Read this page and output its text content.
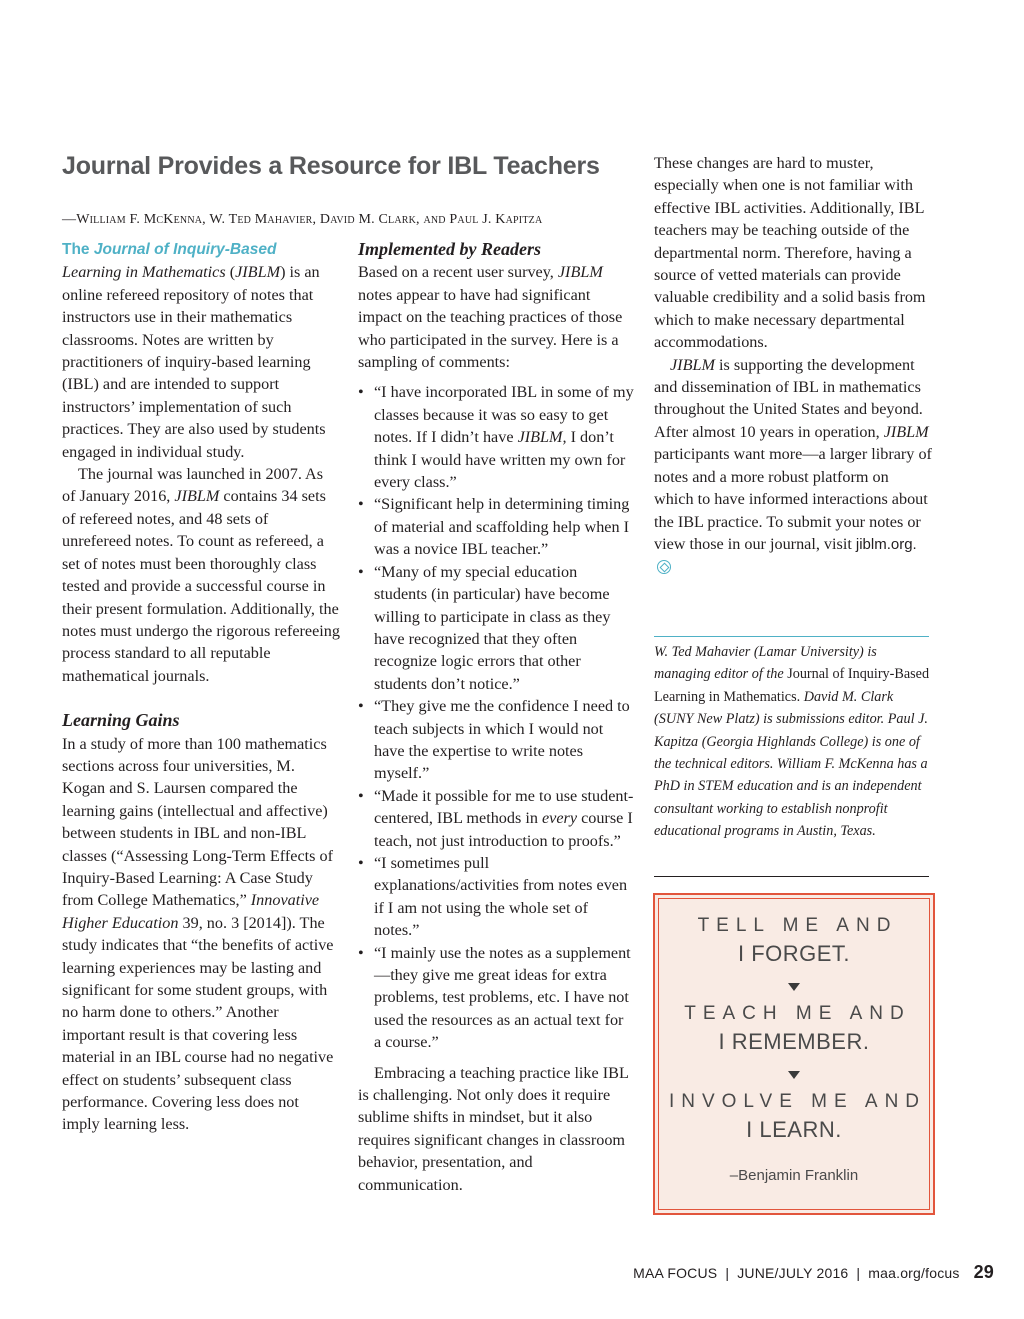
Journal Provides a Resource for IBL Teachers
—William F. McKenna, W. Ted Mahavier, David M. Clark, and Paul J. Kapitza

The Journal of Inquiry-Based
Learning in Mathematics (JIBLM) is an online refereed repository of notes that instructors use in their mathematics classrooms. Notes are written by practitioners of inquiry-based learning (IBL) and are intended to support instructors’ implementation of such practices. They are also used by students engaged in individual study.

The journal was launched in 2007. As of January 2016, JIBLM contains 34 sets of refereed notes, and 48 sets of unrefereed notes. To count as refereed, a set of notes must been thoroughly class tested and provide a successful course in their present formulation. Additionally, the notes must undergo the rigorous refereeing process standard to all reputable mathematical journals.

Learning Gains

In a study of more than 100 mathematics sections across four universities, M. Kogan and S. Laursen compared the learning gains (intellectual and affective) between students in IBL and non-IBL classes (“Assessing Long-Term Effects of Inquiry-Based Learning: A Case Study from College Mathematics,” Innovative Higher Education 39, no. 3 [2014]). The study indicates that “the benefits of active learning experiences may be lasting and significant for some student groups, with no harm done to others.” Another important result is that covering less material in an IBL course had no negative effect on students’ subsequent class performance. Covering less does not imply learning less.

Implemented by Readers

Based on a recent user survey, JIBLM notes appear to have had significant impact on the teaching practices of those who participated in the survey. Here is a sampling of comments:

• “I have incorporated IBL in some of my classes because it was so easy to get notes. If I didn’t have JIBLM, I don’t think I would have written my own for every class.”
• “Significant help in determining timing of material and scaffolding help when I was a novice IBL teacher.”
• “Many of my special education students (in particular) have become willing to participate in class as they have recognized that they often recognize logic errors that other students don’t notice.”
• “They give me the confidence I need to teach subjects in which I would not have the expertise to write notes myself.”
• “Made it possible for me to use student-centered, IBL methods in every course I teach, not just introduction to proofs.”
• “I sometimes pull explanations/activities from notes even if I am not using the whole set of notes.”
• “I mainly use the notes as a supplement—they give me great ideas for extra problems, test problems, etc. I have not used the resources as an actual text for a course.”

Embracing a teaching practice like IBL is challenging. Not only does it require sublime shifts in mindset, but it also requires significant changes in classroom behavior, presentation, and communication.

These changes are hard to muster, especially when one is not familiar with effective IBL activities. Additionally, IBL teachers may be teaching outside of the departmental norm. Therefore, having a source of vetted materials can provide valuable credibility and a solid basis from which to make necessary departmental accommodations.

JIBLM is supporting the development and dissemination of IBL in mathematics throughout the United States and beyond. After almost 10 years in operation, JIBLM participants want more—a larger library of notes and a more robust platform on which to have informed interactions about the IBL practice. To submit your notes or view those in our journal, visit jiblm.org.

W. Ted Mahavier (Lamar University) is managing editor of the Journal of Inquiry-Based Learning in Mathematics. David M. Clark (SUNY New Platz) is submissions editor. Paul J. Kapitza (Georgia Highlands College) is one of the technical editors. William F. McKenna has a PhD in STEM education and is an independent consultant working to establish nonprofit educational programs in Austin, Texas.
TELL ME AND
I FORGET.
TEACH ME AND
I REMEMBER.
INVOLVE ME AND
I LEARN.
–Benjamin Franklin
MAA FOCUS | JUNE/JULY 2016 | maa.org/focus 29
